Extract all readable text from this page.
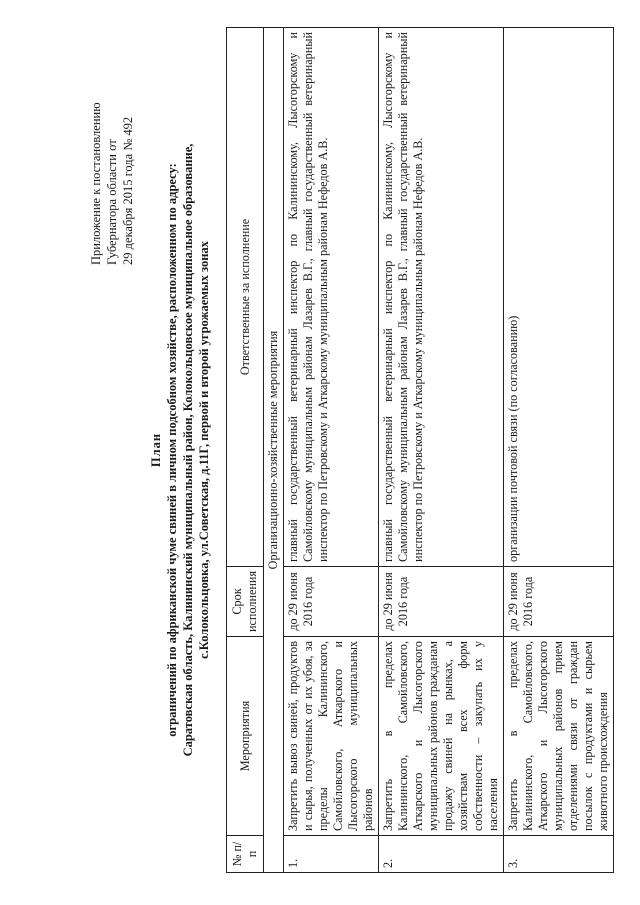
Приложение к постановлению Губернатора области от 29 декабря 2015 года № 492
План ограничений по африканской чуме свиней в личном подсобном хозяйстве, расположенном по адресу: Саратовская область, Калининский муниципальный район, Колокольцовское муниципальное образование, с.Колокольцовка, ул.Советская, д.11Г, первой и второй угрожаемых зонах
№ п/п	Мероприятия	Срок исполнения	Ответственные за исполнение
Организационно-хозяйственные мероприятия			
1.	Запретить вывоз свиней, продуктов и сырья, полученных от их убоя, за пределы Калининского, Самойловского, Аткарского и Лысогорского муниципальных районов	до 29 июня 2016 года	главный государственный ветеринарный инспектор по Калининскому, Лысогорскому и Самойловскому муниципальным районам Лазарев В.Г., главный государственный ветеринарный инспектор по Петровскому и Аткарскому муниципальным районам Нефедов А.В.
2.	Запретить в пределах Калининского, Самойловского, Аткарского и Лысогорского муниципальных районов гражданам продажу свиней на рынках, а хозяйствам всех форм собственности – закупать их у населения	до 29 июня 2016 года	главный государственный ветеринарный инспектор по Калининскому, Лысогорскому и Самойловскому муниципальным районам Лазарев В.Г., главный государственный ветеринарный инспектор по Петровскому и Аткарскому муниципальным районам Нефедов А.В.
3.	Запретить в пределах Калининского, Самойловского, Аткарского и Лысогорского муниципальных районов прием отделениями связи от граждан посылок с продуктами и сырьем животного происхождения	до 29 июня 2016 года	организации почтовой связи (по согласованию)
